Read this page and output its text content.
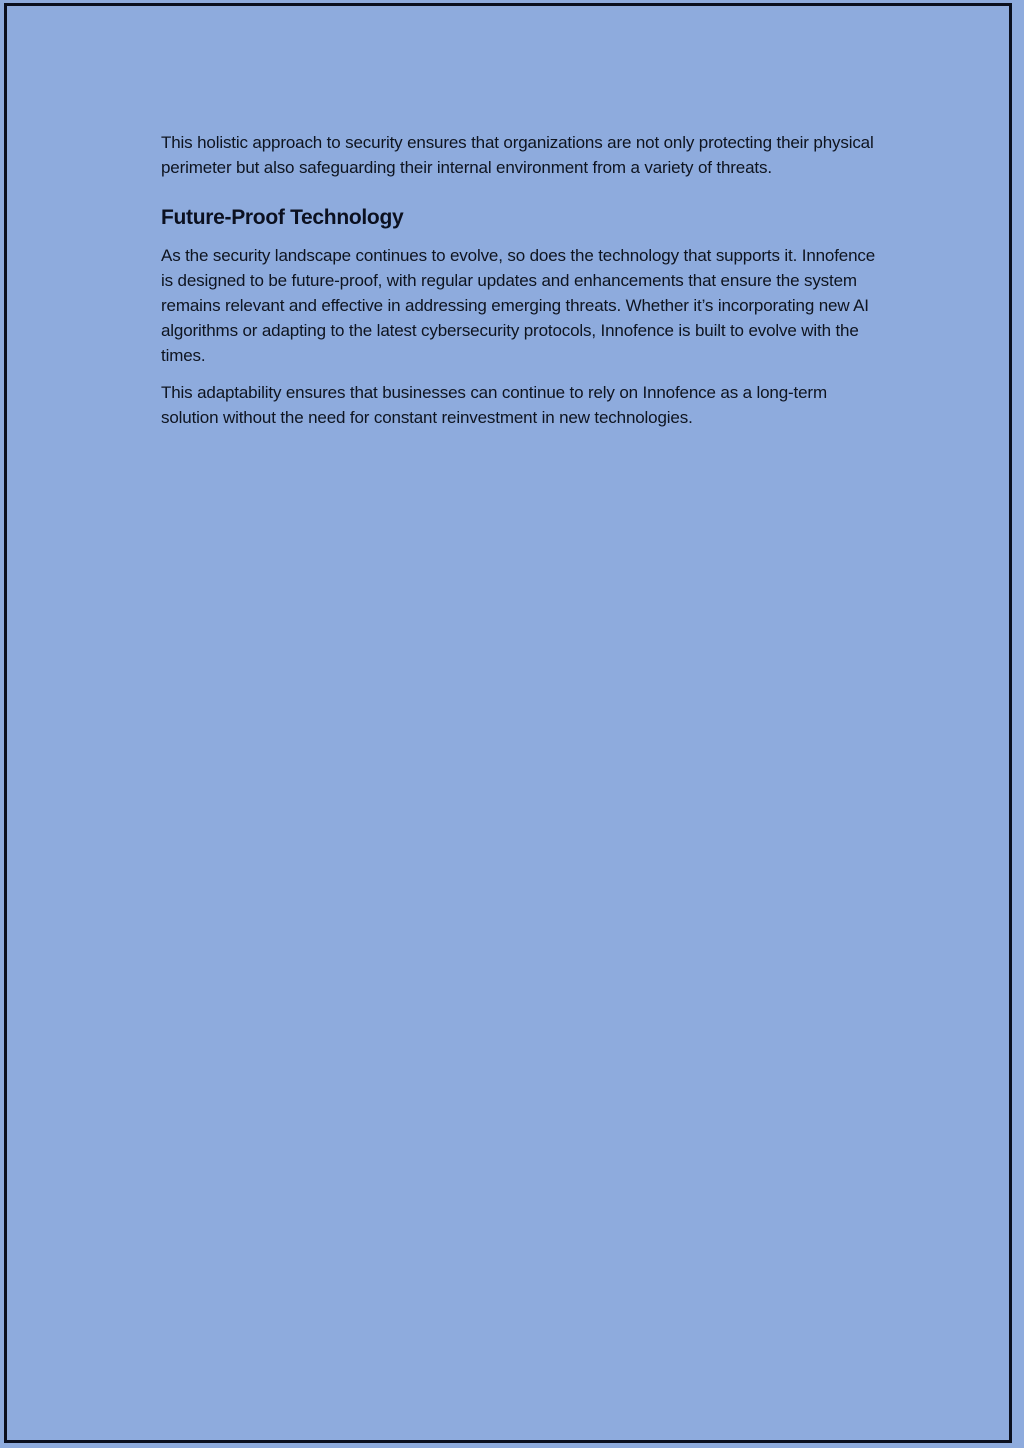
This holistic approach to security ensures that organizations are not only protecting their physical perimeter but also safeguarding their internal environment from a variety of threats.

Future-Proof Technology

As the security landscape continues to evolve, so does the technology that supports it. Innofence is designed to be future-proof, with regular updates and enhancements that ensure the system remains relevant and effective in addressing emerging threats. Whether it’s incorporating new AI algorithms or adapting to the latest cybersecurity protocols, Innofence is built to evolve with the times.

This adaptability ensures that businesses can continue to rely on Innofence as a long-term solution without the need for constant reinvestment in new technologies.
